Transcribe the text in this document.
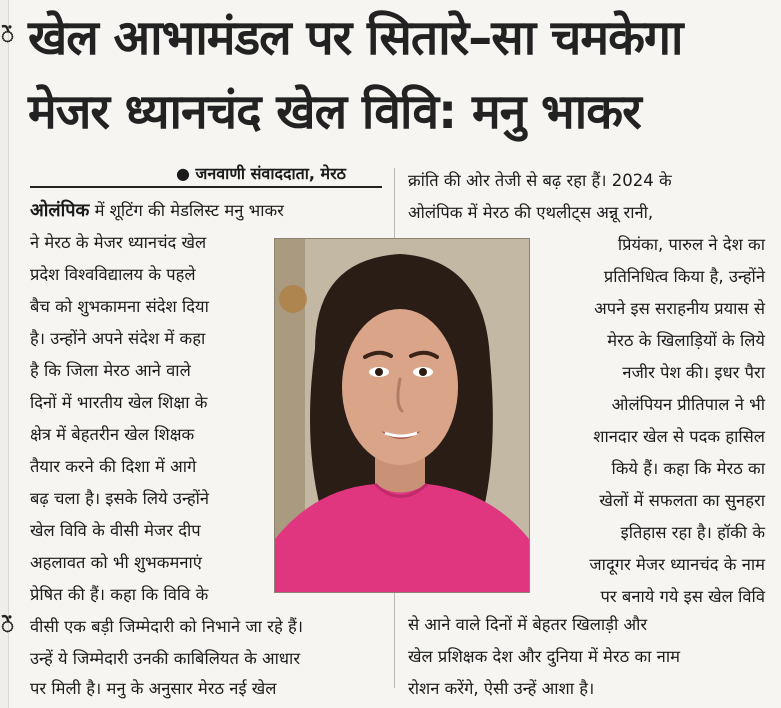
ें
ें
खेल आभामंडल पर सितारे–सा चमकेगा
मेजर ध्यानचंद खेल विवि: मनु भाकर
● जनवाणी संवाददाता, मेरठ
ओलंपिक में शूटिंग की मेडलिस्ट मनु भाकर
ने मेरठ के मेजर ध्यानचंद खेल
प्रदेश विश्वविद्यालय के पहले
बैच को शुभकामना संदेश दिया
है। उन्होंने अपने संदेश में कहा
है कि जिला मेरठ आने वाले
दिनों में भारतीय खेल शिक्षा के
क्षेत्र में बेहतरीन खेल शिक्षक
तैयार करने की दिशा में आगे
बढ़ चला है। इसके लिये उन्होंने
खेल विवि के वीसी मेजर दीप
अहलावत को भी शुभकमनाएं
प्रेषित की हैं। कहा कि विवि के
वीसी एक बड़ी जिम्मेदारी को निभाने जा रहे हैं।
उन्हें ये जिम्मेदारी उनकी काबिलियत के आधार
पर मिली है। मनु के अनुसार मेरठ नई खेल
क्रांति की ओर तेजी से बढ़ रहा हैं। 2024 के
ओलंपिक में मेरठ की एथलीट्स अन्नू रानी,
प्रियंका, पारुल ने देश का
प्रतिनिधित्व किया है, उन्होंने
अपने इस सराहनीय प्रयास से
मेरठ के खिलाड़ियों के लिये
नजीर पेश की। इधर पैरा
ओलंपियन प्रीतिपाल ने भी
शानदार खेल से पदक हासिल
किये हैं। कहा कि मेरठ का
खेलों में सफलता का सुनहरा
इतिहास रहा है। हॉकी के
जादूगर मेजर ध्यानचंद के नाम
पर बनाये गये इस खेल विवि
से आने वाले दिनों में बेहतर खिलाड़ी और
खेल प्रशिक्षक देश और दुनिया में मेरठ का नाम
रोशन करेंगे, ऐसी उन्हें आशा है।
